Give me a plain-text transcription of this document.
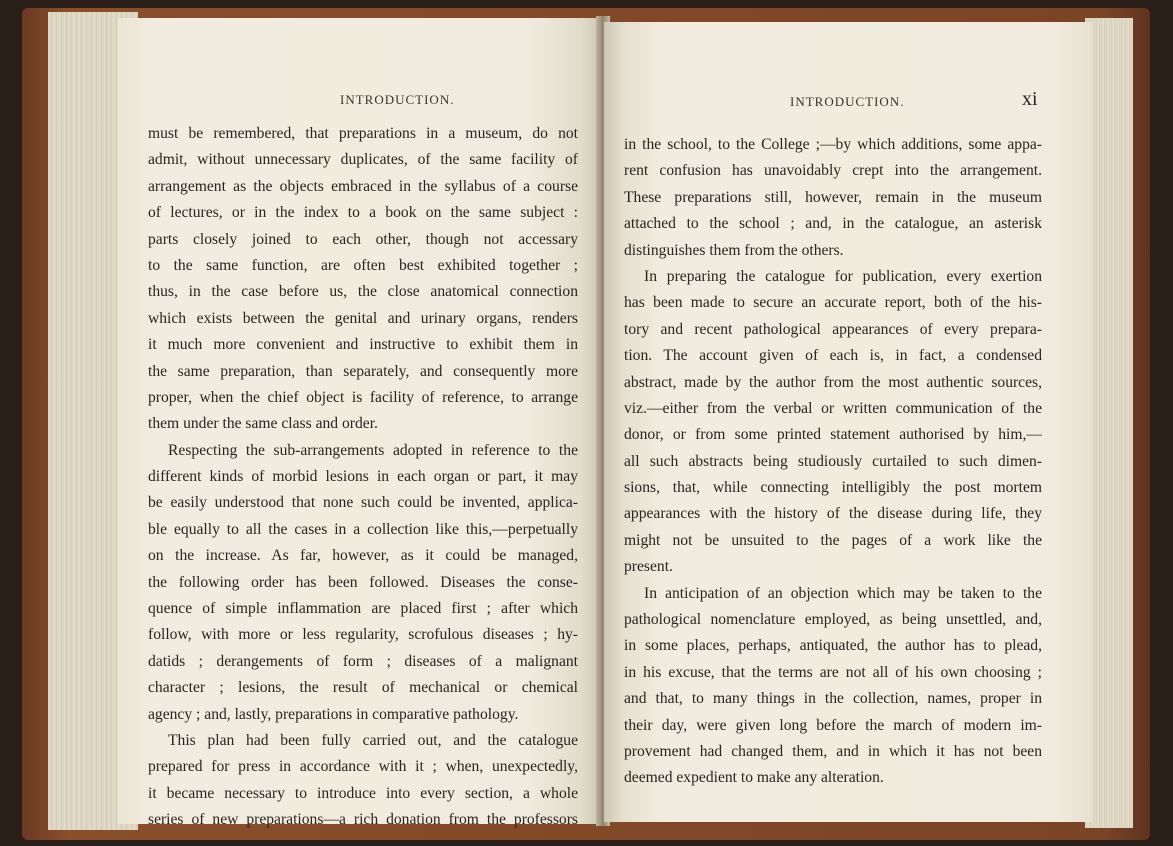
INTRODUCTION.
must be remembered, that preparations in a museum, do not
admit, without unnecessary duplicates, of the same facility of
arrangement as the objects embraced in the syllabus of a course
of lectures, or in the index to a book on the same subject :
parts closely joined to each other, though not accessary
to the same function, are often best exhibited together ;
thus, in the case before us, the close anatomical connection
which exists between the genital and urinary organs, renders
it much more convenient and instructive to exhibit them in
the same preparation, than separately, and consequently more
proper, when the chief object is facility of reference, to arrange
them under the same class and order.
Respecting the sub-arrangements adopted in reference to the
different kinds of morbid lesions in each organ or part, it may
be easily understood that none such could be invented, applica-
ble equally to all the cases in a collection like this,—perpetually
on the increase. As far, however, as it could be managed,
the following order has been followed. Diseases the conse-
quence of simple inflammation are placed first ; after which
follow, with more or less regularity, scrofulous diseases ; hy-
datids ; derangements of form ; diseases of a malignant
character ; lesions, the result of mechanical or chemical
agency ; and, lastly, preparations in comparative pathology.
This plan had been fully carried out, and the catalogue
prepared for press in accordance with it ; when, unexpectedly,
it became necessary to introduce into every section, a whole
series of new preparations—a rich donation from the professors
INTRODUCTION.	xi
in the school, to the College ;—by which additions, some appa-
rent confusion has unavoidably crept into the arrangement.
These preparations still, however, remain in the museum
attached to the school ; and, in the catalogue, an asterisk
distinguishes them from the others.
In preparing the catalogue for publication, every exertion
has been made to secure an accurate report, both of the his-
tory and recent pathological appearances of every prepara-
tion. The account given of each is, in fact, a condensed
abstract, made by the author from the most authentic sources,
viz.—either from the verbal or written communication of the
donor, or from some printed statement authorised by him,—
all such abstracts being studiously curtailed to such dimen-
sions, that, while connecting intelligibly the post mortem
appearances with the history of the disease during life, they
might not be unsuited to the pages of a work like the
present.
In anticipation of an objection which may be taken to the
pathological nomenclature employed, as being unsettled, and,
in some places, perhaps, antiquated, the author has to plead,
in his excuse, that the terms are not all of his own choosing ;
and that, to many things in the collection, names, proper in
their day, were given long before the march of modern im-
provement had changed them, and in which it has not been
deemed expedient to make any alteration.
